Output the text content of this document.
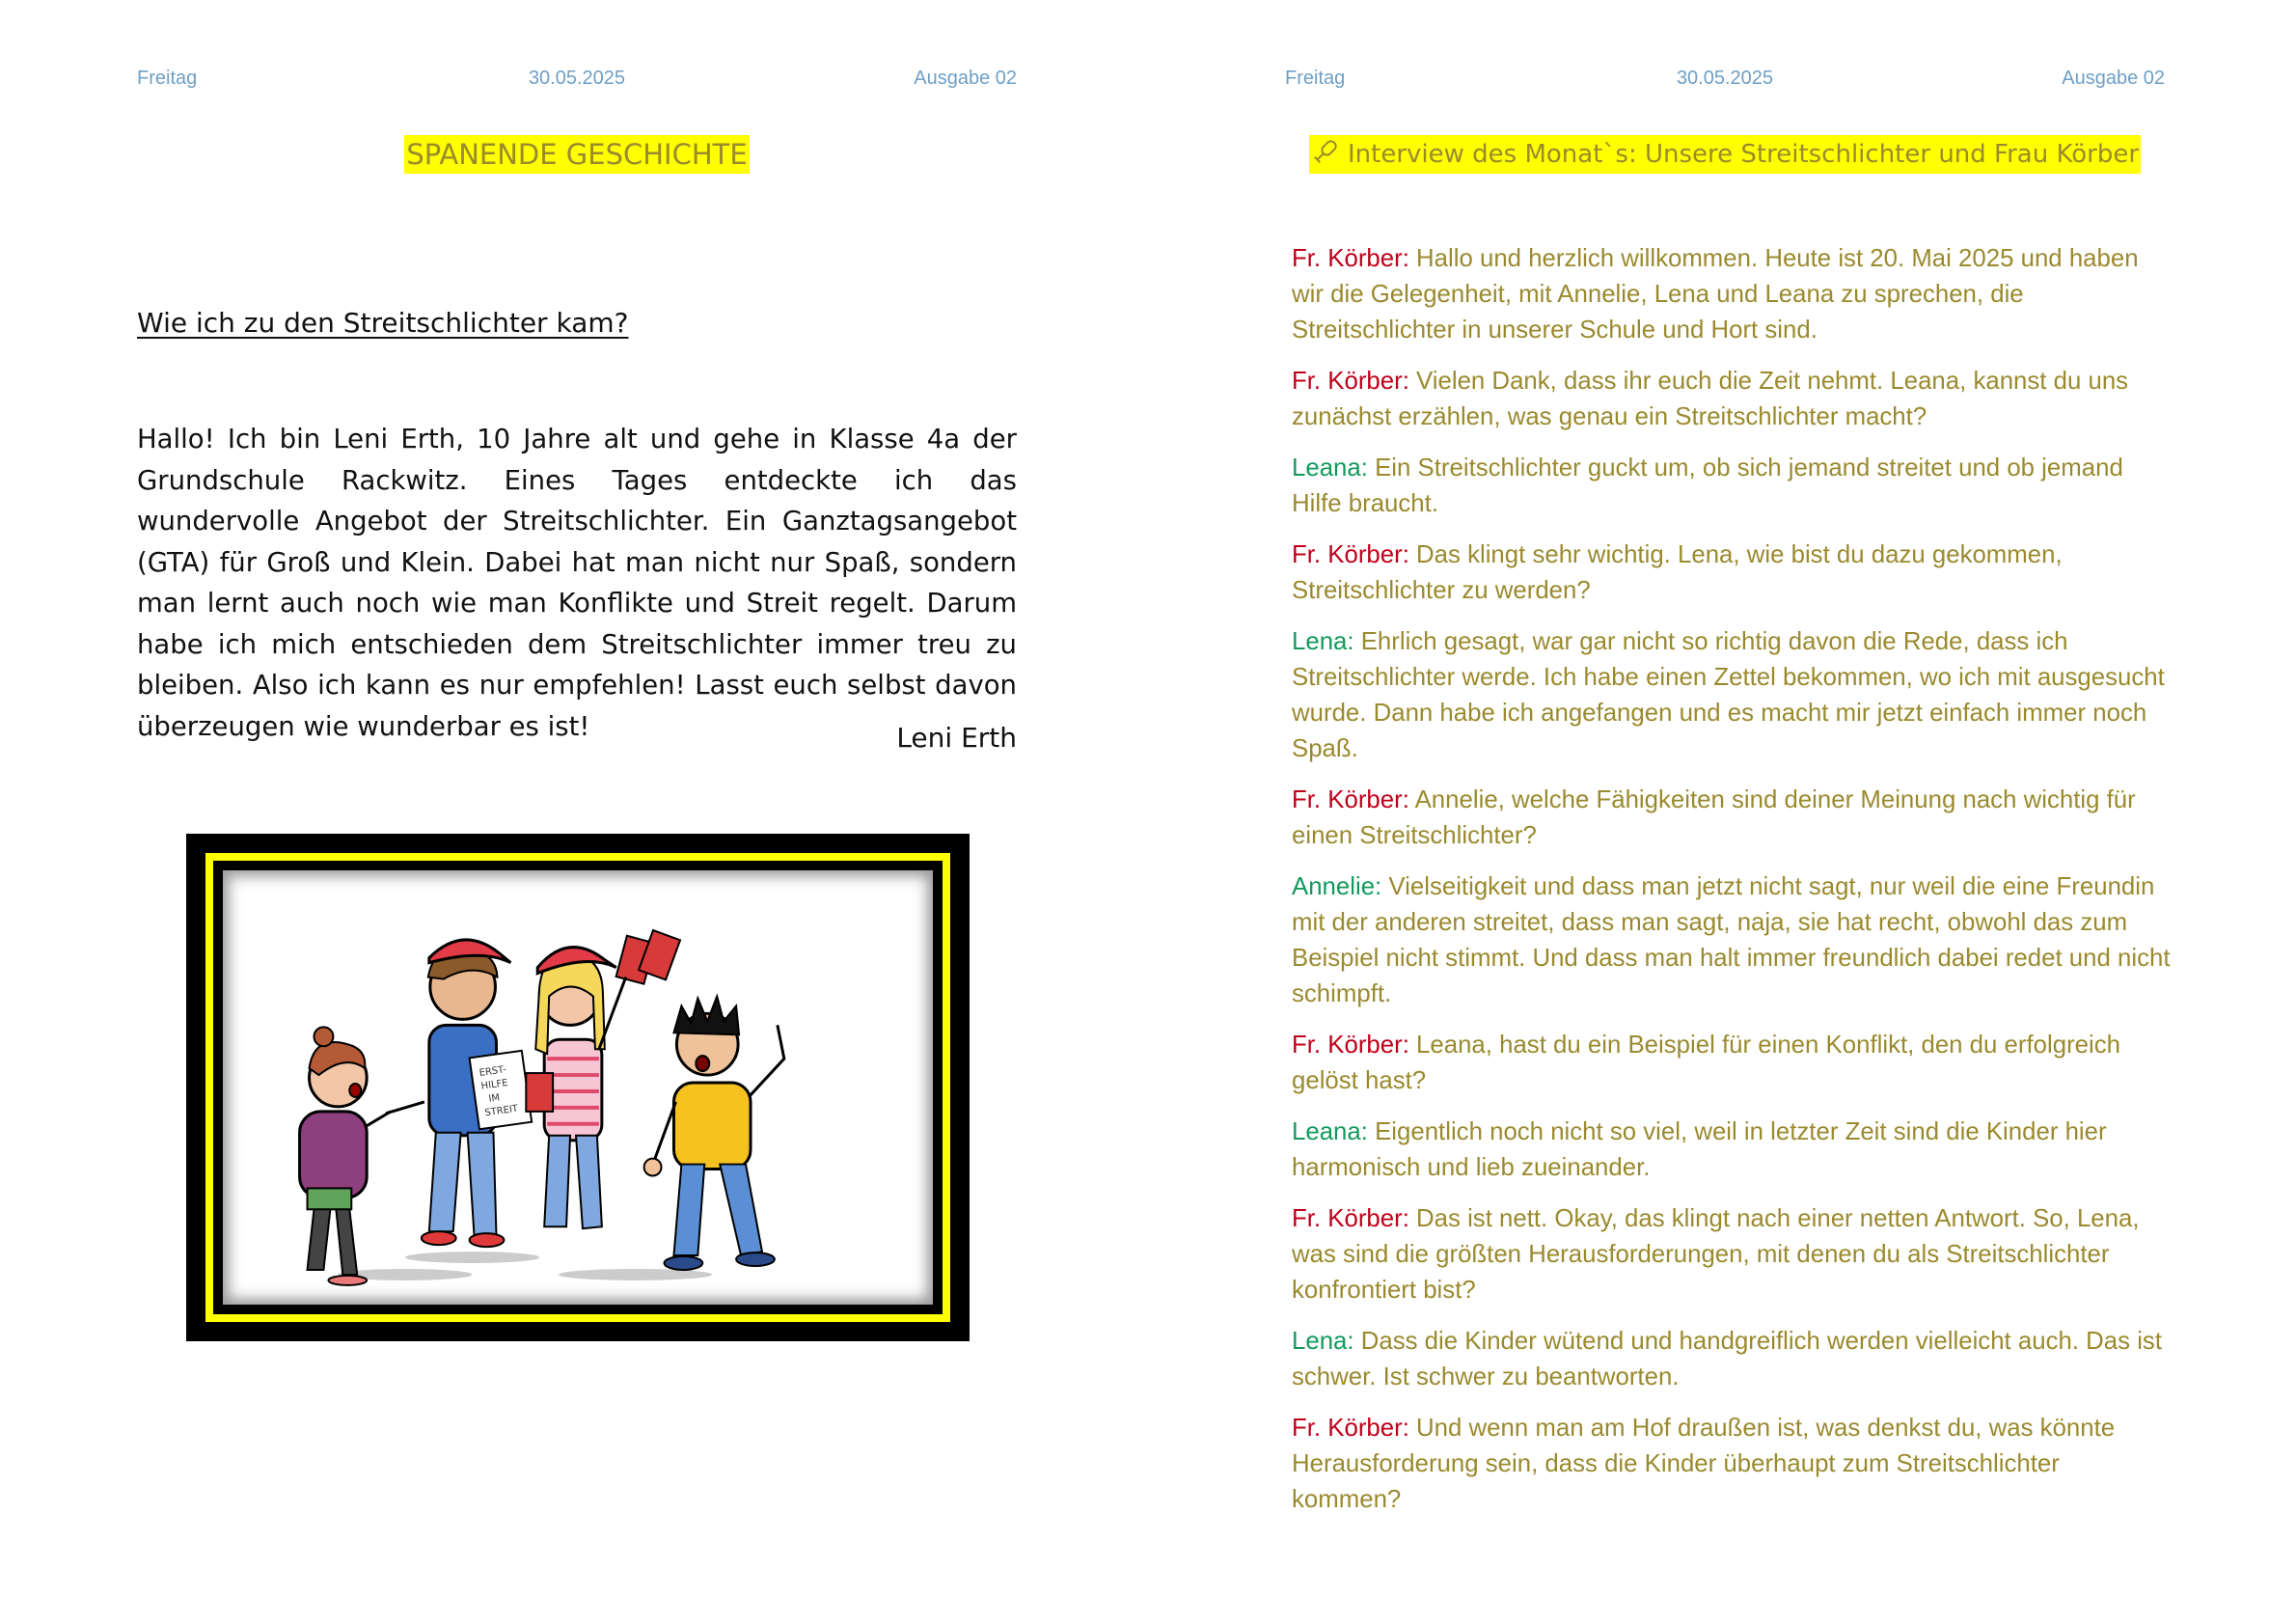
Freitag	30.05.2025	Ausgabe 02
SPANENDE GESCHICHTE
Wie ich zu den Streitschlichter kam?
Hallo! Ich bin Leni Erth, 10 Jahre alt und gehe in Klasse 4a der Grundschule Rackwitz. Eines Tages entdeckte ich das wundervolle Angebot der Streitschlichter. Ein Ganztagsangebot (GTA) für Groß und Klein. Dabei hat man nicht nur Spaß, sondern man lernt auch noch wie man Konflikte und Streit regelt. Darum habe ich mich entschieden dem Streitschlichter immer treu zu bleiben. Also ich kann es nur empfehlen! Lasst euch selbst davon überzeugen wie wunderbar es ist!	Leni Erth
ERST-
HILFE
IM
STREIT
Freitag	30.05.2025	Ausgabe 02
Interview des Monat`s: Unsere Streitschlichter und Frau Körber

Fr. Körber: Hallo und herzlich willkommen. Heute ist 20. Mai 2025 und haben wir die Gelegenheit, mit Annelie, Lena und Leana zu sprechen, die Streitschlichter in unserer Schule und Hort sind.

Fr. Körber: Vielen Dank, dass ihr euch die Zeit nehmt. Leana, kannst du uns zunächst erzählen, was genau ein Streitschlichter macht?

Leana: Ein Streitschlichter guckt um, ob sich jemand streitet und ob jemand Hilfe braucht.

Fr. Körber: Das klingt sehr wichtig. Lena, wie bist du dazu gekommen, Streitschlichter zu werden?

Lena: Ehrlich gesagt, war gar nicht so richtig davon die Rede, dass ich Streitschlichter werde. Ich habe einen Zettel bekommen, wo ich mit ausgesucht wurde. Dann habe ich angefangen und es macht mir jetzt einfach immer noch Spaß.

Fr. Körber: Annelie, welche Fähigkeiten sind deiner Meinung nach wichtig für einen Streitschlichter?

Annelie: Vielseitigkeit und dass man jetzt nicht sagt, nur weil die eine Freundin mit der anderen streitet, dass man sagt, naja, sie hat recht, obwohl das zum Beispiel nicht stimmt. Und dass man halt immer freundlich dabei redet und nicht schimpft.

Fr. Körber: Leana, hast du ein Beispiel für einen Konflikt, den du erfolgreich gelöst hast?

Leana: Eigentlich noch nicht so viel, weil in letzter Zeit sind die Kinder hier harmonisch und lieb zueinander.

Fr. Körber: Das ist nett. Okay, das klingt nach einer netten Antwort. So, Lena, was sind die größten Herausforderungen, mit denen du als Streitschlichter konfrontiert bist?

Lena: Dass die Kinder wütend und handgreiflich werden vielleicht auch. Das ist schwer. Ist schwer zu beantworten.

Fr. Körber: Und wenn man am Hof draußen ist, was denkst du, was könnte Herausforderung sein, dass die Kinder überhaupt zum Streitschlichter kommen?
